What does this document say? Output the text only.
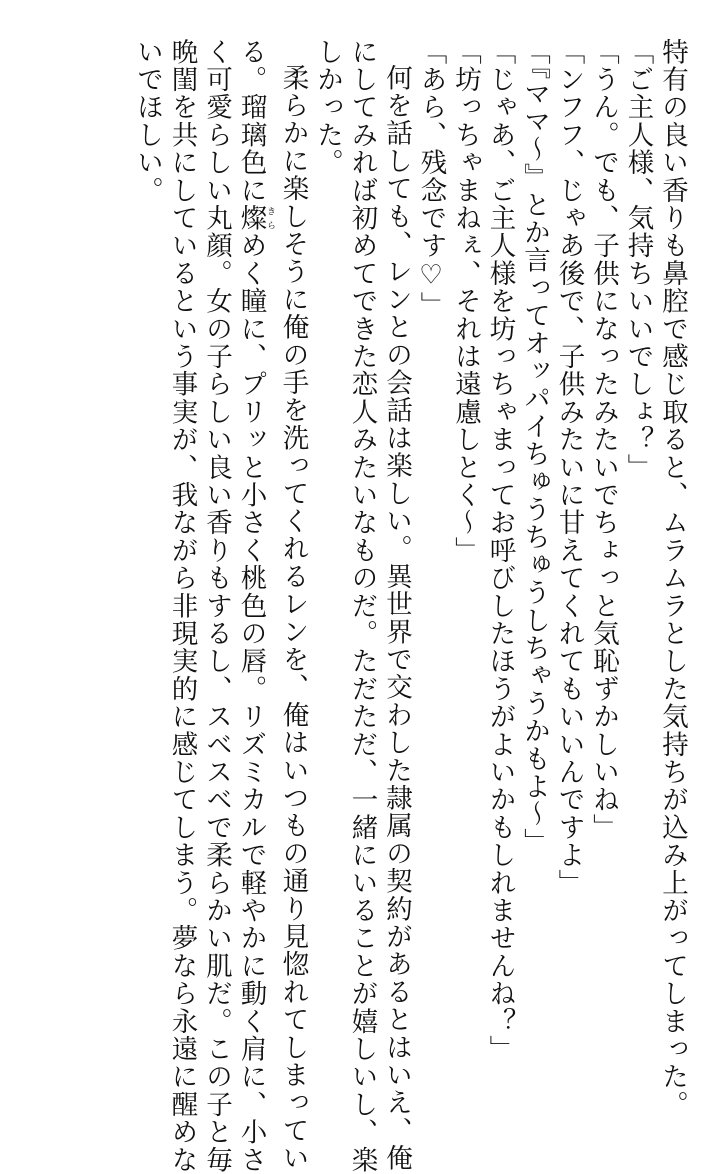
特有の良い香りも鼻腔で感じ取ると、ムラムラとした気持ちが込み上がってしまった。
「ご主人様、気持ちいいでしょ？」
「うん。でも、子供になったみたいでちょっと気恥ずかしいね」
「ンフフ、じゃあ後で、子供みたいに甘えてくれてもいいんですよ」
「『ママ〜』とか言ってオッパイちゅうちゅうしちゃうかもよ〜」
「じゃあ、ご主人様を坊っちゃまってお呼びしたほうがよいかもしれませんね？」
「坊っちゃまねぇ、それは遠慮しとく〜」
「あら、残念です♡」
何を話しても、レンとの会話は楽しい。異世界で交わした隷属の契約があるとはいえ、俺
にしてみれば初めてできた恋人みたいなものだ。ただただ、一緒にいることが嬉しいし、楽
しかった。
柔らかに楽しそうに俺の手を洗ってくれるレンを、俺はいつもの通り見惚れてしまってい
る。瑠璃色に燦きらめく瞳に、プリッと小さく桃色の唇。リズミカルで軽やかに動く肩に、小さ
く可愛らしい丸顔。女の子らしい良い香りもするし、スベスベで柔らかい肌だ。この子と毎
晩閨を共にしているという事実が、我ながら非現実的に感じてしまう。夢なら永遠に醒めな
いでほしい。
